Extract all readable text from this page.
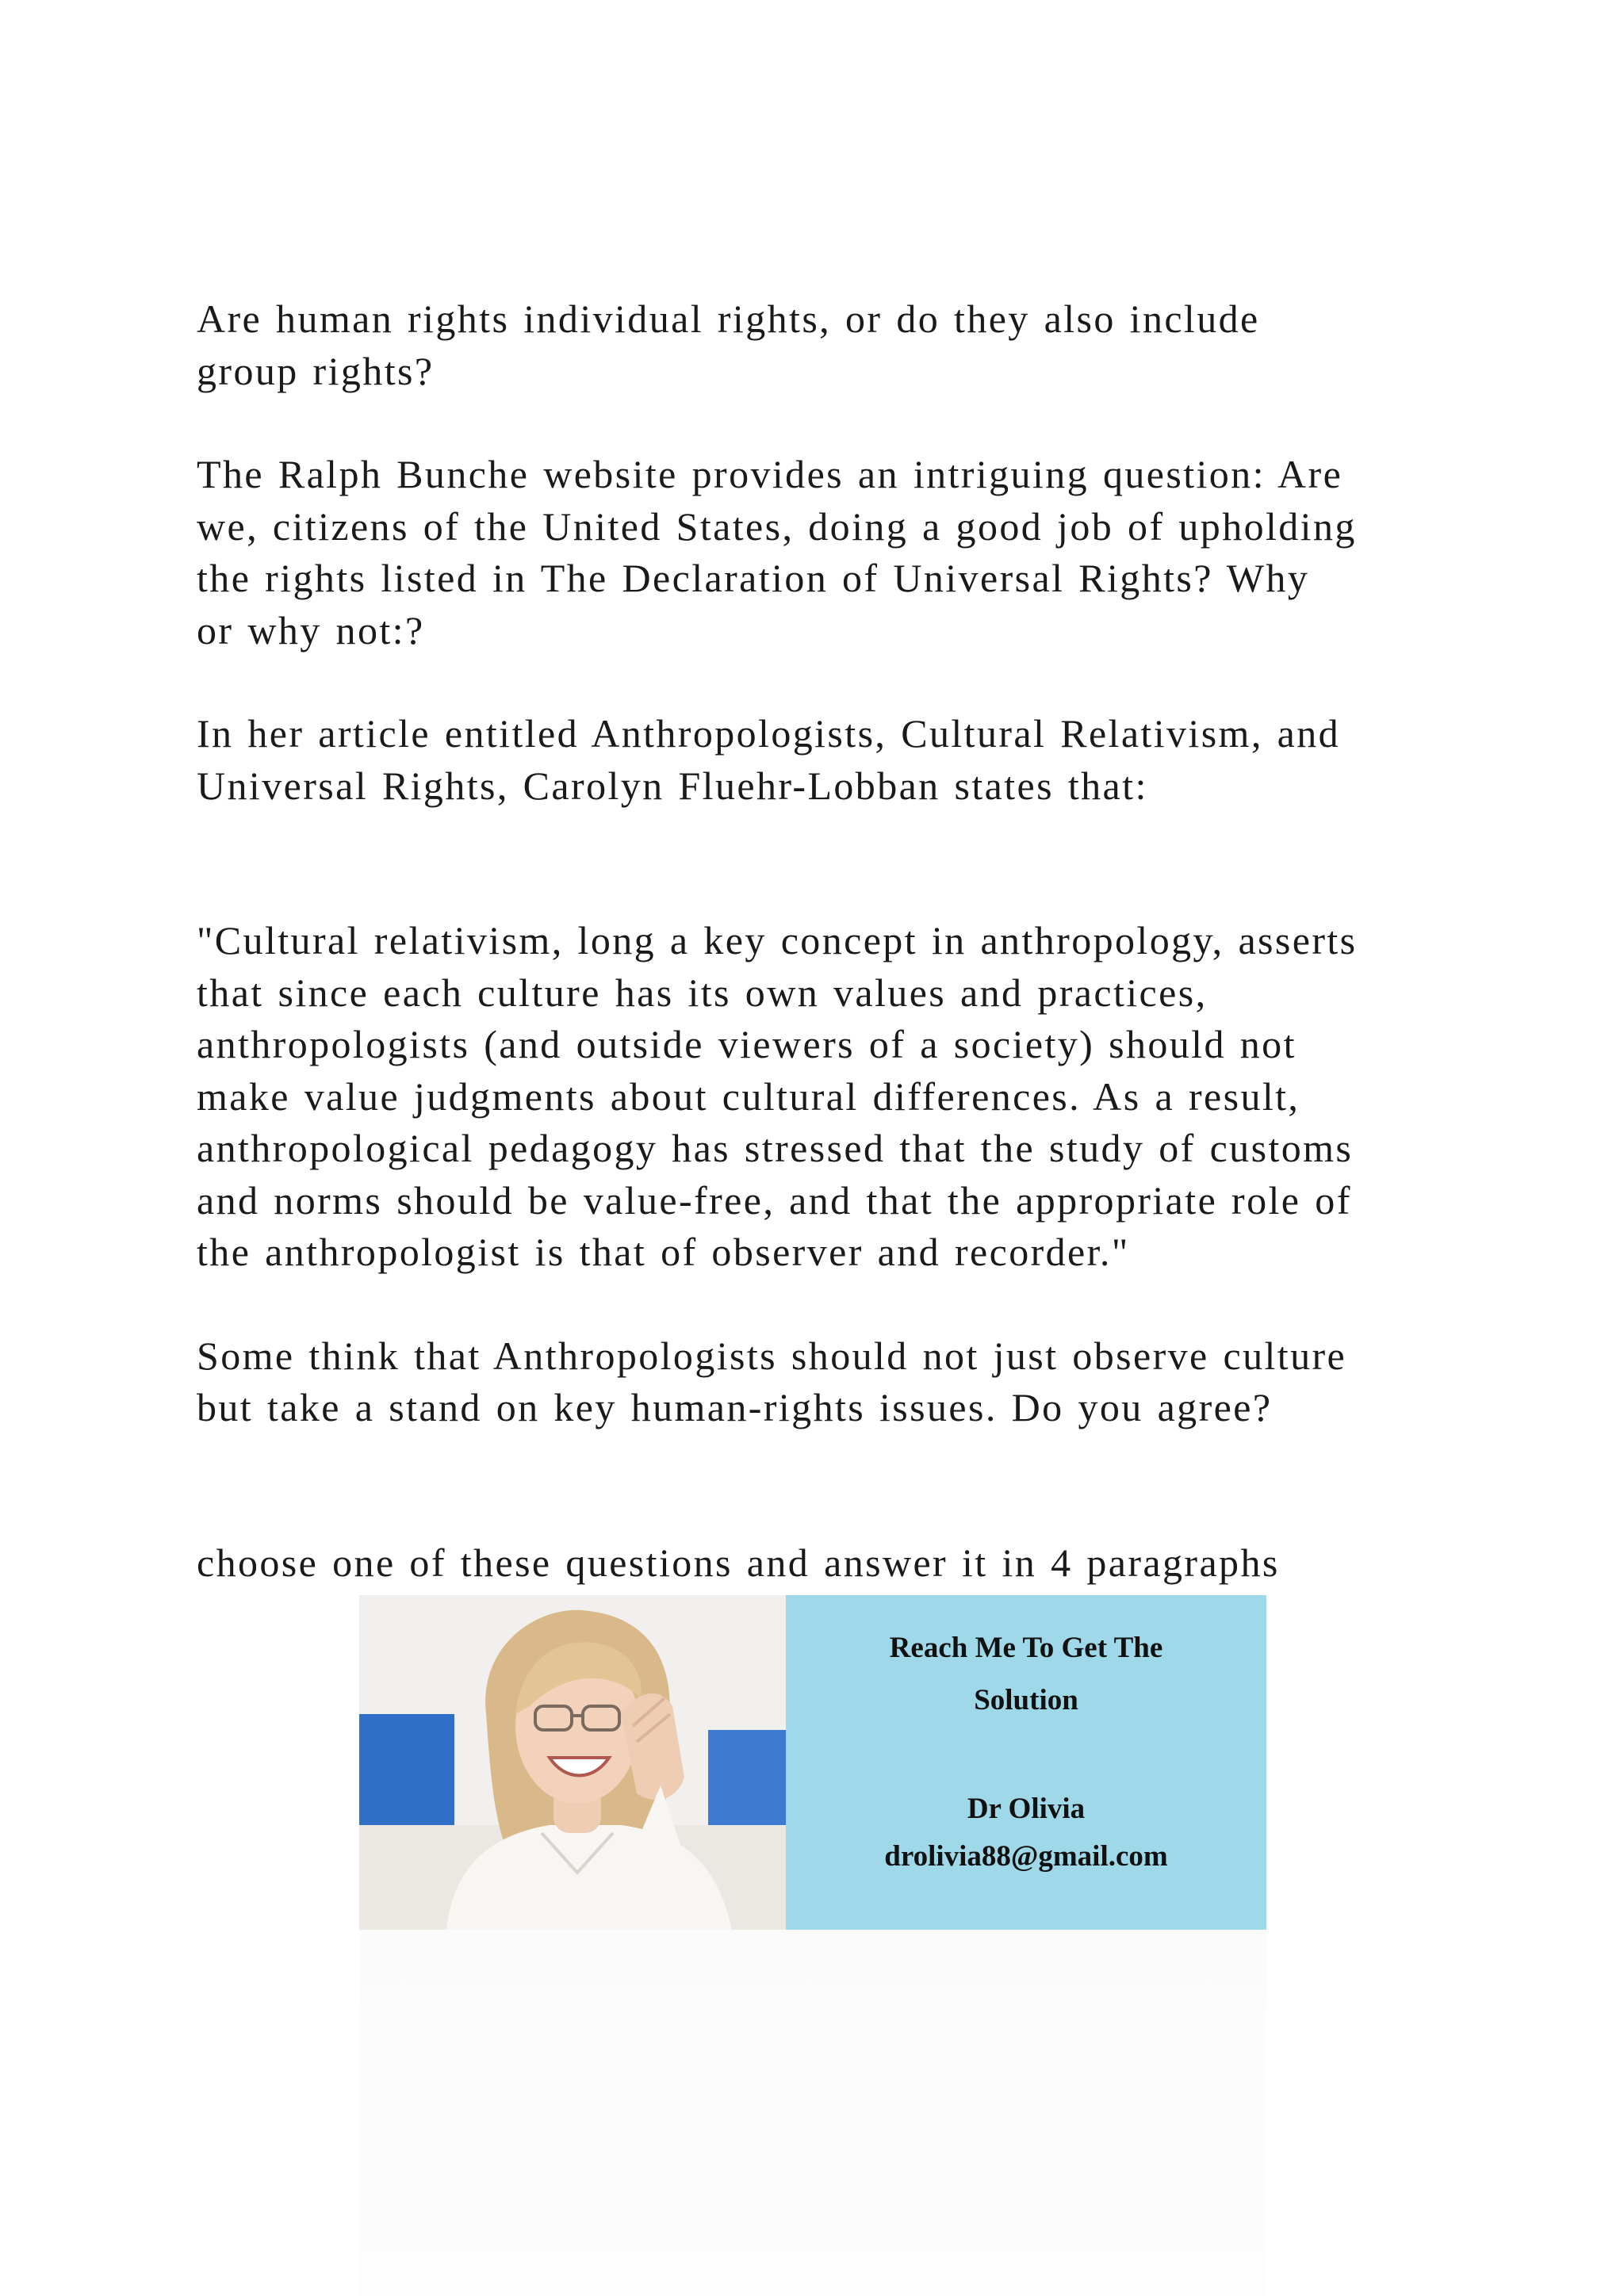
Are human rights individual rights, or do they also include
group rights?

The Ralph Bunche website provides an intriguing question: Are
we, citizens of the United States, doing a good job of upholding
the rights listed in The Declaration of Universal Rights? Why
or why not:?

In her article entitled Anthropologists, Cultural Relativism, and
Universal Rights, Carolyn Fluehr-Lobban states that:

"Cultural relativism, long a key concept in anthropology, asserts
that since each culture has its own values and practices,
anthropologists (and outside viewers of a society) should not
make value judgments about cultural differences. As a result,
anthropological pedagogy has stressed that the study of customs
and norms should be value-free, and that the appropriate role of
the anthropologist is that of observer and recorder."

Some think that Anthropologists should not just observe culture
but take a stand on key human-rights issues. Do you agree?

choose one of these questions and answer it in 4 paragraphs

Reach Me To Get The
Solution
Dr Olivia
drolivia88@gmail.com
